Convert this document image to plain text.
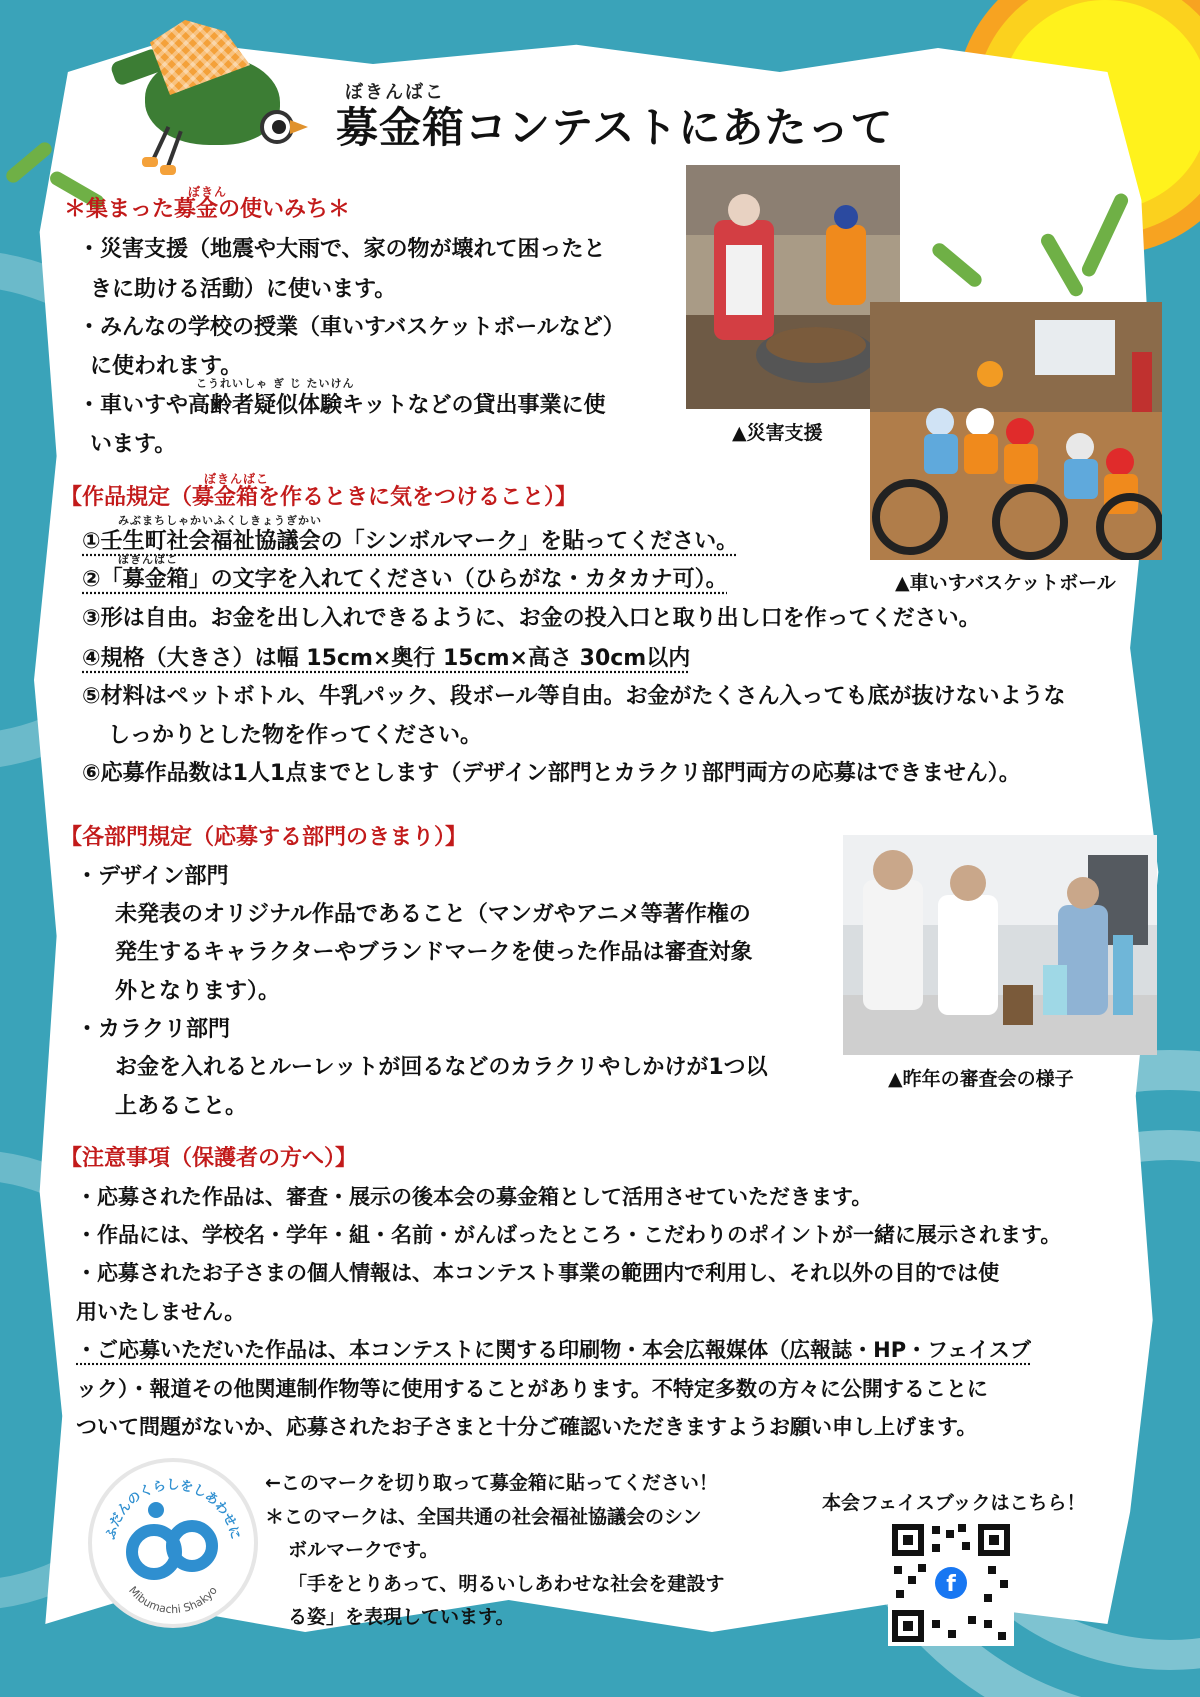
ぼきんばこ
募金箱コンテストにあたって
ぼきん
＊集まった募金の使いみち＊
・災害支援（地震や大雨で、家の物が壊れて困ったと
きに助ける活動）に使います。
・みんなの学校の授業（車いすバスケットボールなど）
に使われます。
こうれいしゃ ぎ じ たいけん
・車いすや高齢者疑似体験キットなどの貸出事業に使
います。	▲災害支援
▲車いすバスケットボール
ぼきんばこ
【作品規定（募金箱を作るときに気をつけること）】
みぶまちしゃかいふくしきょうぎかい
①壬生町社会福祉協議会の「シンボルマーク」を貼ってください。
ぼきんばこ
②「募金箱」の文字を入れてください（ひらがな・カタカナ可）。
③形は自由。お金を出し入れできるように、お金の投入口と取り出し口を作ってください。
④規格（大きさ）は幅 15cm×奥行 15cm×高さ 30cm以内
⑤材料はペットボトル、牛乳パック、段ボール等自由。お金がたくさん入っても底が抜けないような
しっかりとした物を作ってください。
⑥応募作品数は1人1点までとします（デザイン部門とカラクリ部門両方の応募はできません）。
【各部門規定（応募する部門のきまり）】
・デザイン部門
未発表のオリジナル作品であること（マンガやアニメ等著作権の
発生するキャラクターやブランドマークを使った作品は審査対象
外となります）。
・カラクリ部門
お金を入れるとルーレットが回るなどのカラクリやしかけが1つ以
上あること。
▲昨年の審査会の様子
【注意事項（保護者の方へ）】
・応募された作品は、審査・展示の後本会の募金箱として活用させていただきます。
・作品には、学校名・学年・組・名前・がんばったところ・こだわりのポイントが一緒に展示されます。
・応募されたお子さまの個人情報は、本コンテスト事業の範囲内で利用し、それ以外の目的では使
用いたしません。
・ご応募いただいた作品は、本コンテストに関する印刷物・本会広報媒体（広報誌・HP・フェイスブ
ック）・報道その他関連制作物等に使用することがあります。不特定多数の方々に公開することに
ついて問題がないか、応募されたお子さまと十分ご確認いただきますようお願い申し上げます。
ふだんのくらしをしあわせに
Mibumachi Shakyo
←このマークを切り取って募金箱に貼ってください！
＊このマークは、全国共通の社会福祉協議会のシン
ボルマークです。
「手をとりあって、明るいしあわせな社会を建設す
る姿」を表現しています。
本会フェイスブックはこちら！
f
